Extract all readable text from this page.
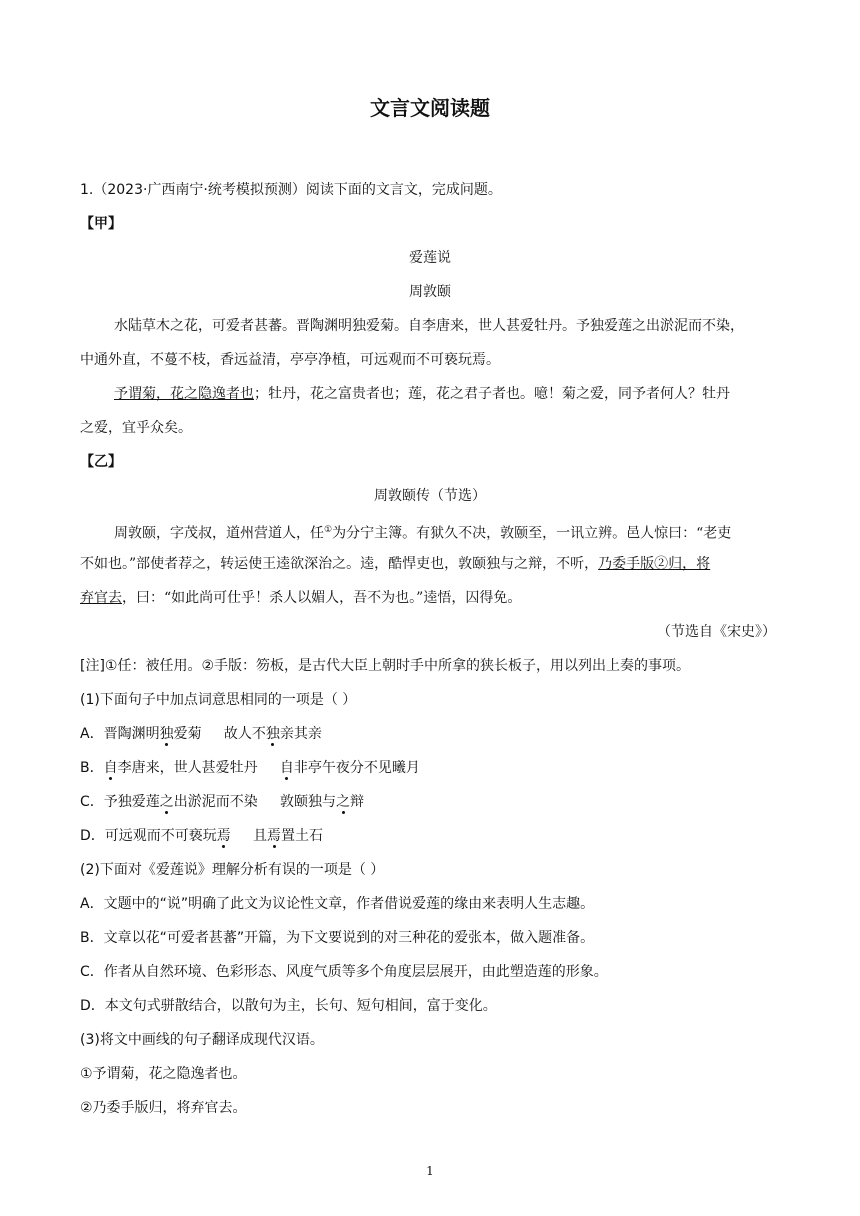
文言文阅读题
1.（2023·广西南宁·统考模拟预测）阅读下面的文言文，完成问题。
【甲】
爱莲说
周敦颐
水陆草木之花，可爱者甚蕃。晋陶渊明独爱菊。自李唐来，世人甚爱牡丹。予独爱莲之出淤泥而不染，
中通外直，不蔓不枝，香远益清，亭亭净植，可远观而不可亵玩焉。
予谓菊，花之隐逸者也；牡丹，花之富贵者也；莲，花之君子者也。噫！菊之爱，同予者何人？牡丹
之爱，宜乎众矣。
【乙】
周敦颐传（节选）
周敦颐，字茂叔，道州营道人，任①为分宁主簿。有狱久不决，敦颐至，一讯立辨。邑人惊曰：“老吏
不如也。”部使者荐之，转运使王逵欲深治之。逵，酷悍吏也，敦颐独与之辩，不听，乃委手版②归，将
弃官去，曰：“如此尚可仕乎！杀人以媚人，吾不为也。”逵悟，囚得免。
（节选自《宋史》）
[注]①任：被任用。②手版：笏板，是古代大臣上朝时手中所拿的狭长板子，用以列出上奏的事项。
(1)下面句子中加点词意思相同的一项是（ ）
A．晋陶渊明独爱菊     故人不独亲其亲
B．自李唐来，世人甚爱牡丹     自非亭午夜分不见曦月
C．予独爱莲之出淤泥而不染     敦颐独与之辩
D．可远观而不可亵玩焉     且焉置土石
(2)下面对《爱莲说》理解分析有误的一项是（ ）
A．文题中的“说”明确了此文为议论性文章，作者借说爱莲的缘由来表明人生志趣。
B．文章以花“可爱者甚蕃”开篇，为下文要说到的对三种花的爱张本，做入题准备。
C．作者从自然环境、色彩形态、风度气质等多个角度层层展开，由此塑造莲的形象。
D．本文句式骈散结合，以散句为主，长句、短句相间，富于变化。
(3)将文中画线的句子翻译成现代汉语。
①予谓菊，花之隐逸者也。
②乃委手版归，将弃官去。
1
